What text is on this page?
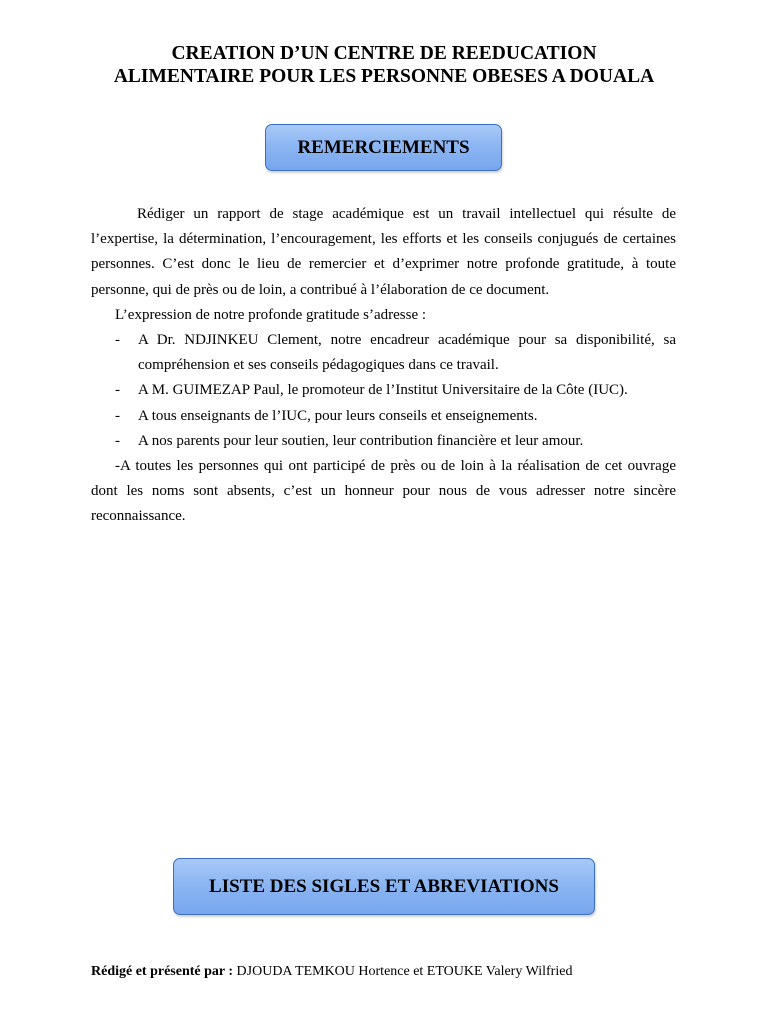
CREATION D’UN CENTRE DE REEDUCATION
ALIMENTAIRE POUR LES PERSONNE OBESES A DOUALA
REMERCIEMENTS

Rédiger un rapport de stage académique est un travail intellectuel qui résulte de l’expertise, la détermination, l’encouragement, les efforts et les conseils conjugués de certaines personnes. C’est donc le lieu de remercier et d’exprimer notre profonde gratitude, à toute personne, qui de près ou de loin, a contribué à l’élaboration de ce document.

L’expression de notre profonde gratitude s’adresse :

- A Dr. NDJINKEU Clement, notre encadreur académique pour sa disponibilité, sa compréhension et ses conseils pédagogiques dans ce travail.
- A M. GUIMEZAP Paul, le promoteur de l’Institut Universitaire de la Côte (IUC).
- A tous enseignants de l’IUC, pour leurs conseils et enseignements.
- A nos parents pour leur soutien, leur contribution financière et leur amour.

-A toutes les personnes qui ont participé de près ou de loin à la réalisation de cet ouvrage dont les noms sont absents, c’est un honneur pour nous de vous adresser notre sincère reconnaissance.

LISTE DES SIGLES ET ABREVIATIONS
Rédigé et présenté par : DJOUDA TEMKOU Hortence et ETOUKE Valery Wilfried
